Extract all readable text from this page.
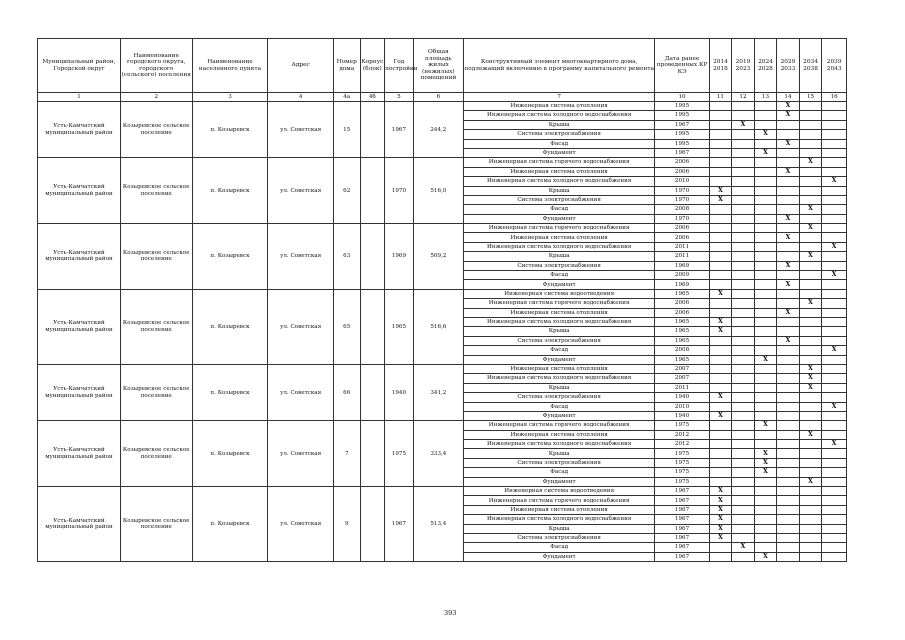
Муниципальный район, Городской округ	Наименование городского округа, городского (сельского) поселения	Наименование населенного пункта	Адрес	Номер дома	Корпус (блок)	Год постройки	Общая площадь жилых (нежилых) помещений	Конструктивный элемент многоквартирного дома, подлежащий включению в программу капитального ремонта	Дата ранее проведенных КР КЭ	2014 2018	2019 2023	2024 2028	2029 2033	2034 2038	2039 2043
1	2	3	4	4а	4б	5	6	7	10	11	12	13	14	15	16
Усть-Камчатский муниципальный район	Козыревское сельское поселение	п. Козыревск	ул. Советская	15		1967	244,2	Инженерная система отопления	1995				Х		
								Инженерная система холодного водоснабжения	1995				Х		
								Крыша	1967		Х				
								Система электроснабжения	1995			Х			
								Фасад	1995				Х		
								Фундамент	1967			Х			
Усть-Камчатский муниципальный район	Козыревское сельское поселение	п. Козыревск	ул. Советская	62		1970	516,0	Инженерная система горячего водоснабжения	2006					Х	
								Инженерная система отопления	2006				Х		
								Инженерная система холодного водоснабжения	2010						Х
								Крыша	1970	Х					
								Система электроснабжения	1970	Х					
								Фасад	2008					Х	
								Фундамент	1970				Х		
Усть-Камчатский муниципальный район	Козыревское сельское поселение	п. Козыревск	ул. Советская	63		1969	509,2	Инженерная система горячего водоснабжения	2006					Х	
								Инженерная система отопления	2006				Х		
								Инженерная система холодного водоснабжения	2011						Х
								Крыша	2011					Х	
								Система электроснабжения	1969				Х		
								Фасад	2009						Х
								Фундамент	1969				Х		
Усть-Камчатский муниципальный район	Козыревское сельское поселение	п. Козыревск	ул. Советская	65		1965	516,6	Инженерная система водоотведения	1965	Х					
								Инженерная система горячего водоснабжения	2006					Х	
								Инженерная система отопления	2006				Х		
								Инженерная система холодного водоснабжения	1965	Х					
								Крыша	1965	Х					
								Система электроснабжения	1965				Х		
								Фасад	2008						Х
								Фундамент	1965			Х			
Усть-Камчатский муниципальный район	Козыревское сельское поселение	п. Козыревск	ул. Советская	66		1940	341,2	Инженерная система отопления	2007					Х	
								Инженерная система холодного водоснабжения	2007					Х	
								Крыша	2011					Х	
								Система электроснабжения	1940	Х					
								Фасад	2010						Х
								Фундамент	1940	Х					
Усть-Камчатский муниципальный район	Козыревское сельское поселение	п. Козыревск	ул. Советская	7		1975	333,4	Инженерная система горячего водоснабжения	1975			Х			
								Инженерная система отопления	2012					Х	
								Инженерная система холодного водоснабжения	2012						Х
								Крыша	1975			Х			
								Система электроснабжения	1975			Х			
								Фасад	1975			Х			
								Фундамент	1975					Х	
Усть-Камчатский муниципальный район	Козыревское сельское поселение	п. Козыревск	ул. Советская	9		1967	513,4	Инженерная система водоотведения	1967	Х					
								Инженерная система горячего водоснабжения	1967	Х					
								Инженерная система отопления	1967	Х					
								Инженерная система холодного водоснабжения	1967	Х					
								Крыша	1967	Х					
								Система электроснабжения	1967	Х					
								Фасад	1967		Х				
								Фундамент	1967			Х			
393
